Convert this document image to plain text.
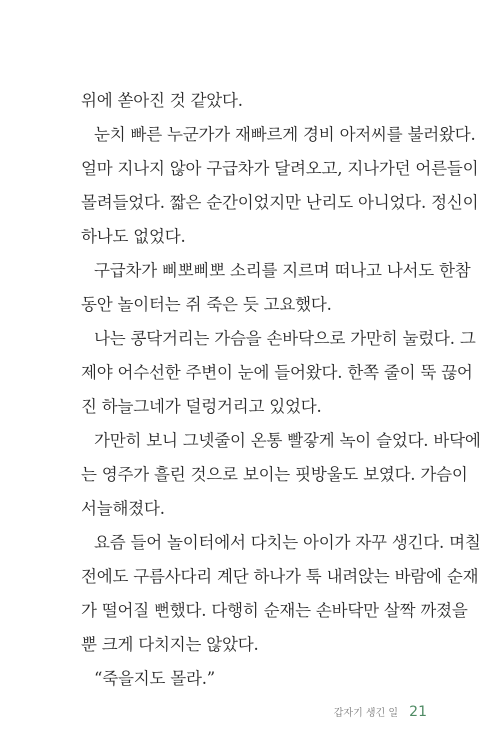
위에 쏟아진 것 같았다.
눈치 빠른 누군가가 재빠르게 경비 아저씨를 불러왔다.
얼마 지나지 않아 구급차가 달려오고, 지나가던 어른들이
몰려들었다. 짧은 순간이었지만 난리도 아니었다. 정신이
하나도 없었다.
구급차가 삐뽀삐뽀 소리를 지르며 떠나고 나서도 한참
동안 놀이터는 쥐 죽은 듯 고요했다.
나는 콩닥거리는 가슴을 손바닥으로 가만히 눌렀다. 그
제야 어수선한 주변이 눈에 들어왔다. 한쪽 줄이 뚝 끊어
진 하늘그네가 덜렁거리고 있었다.
가만히 보니 그넷줄이 온통 빨갛게 녹이 슬었다. 바닥에
는 영주가 흘린 것으로 보이는 핏방울도 보였다. 가슴이
서늘해졌다.
요즘 들어 놀이터에서 다치는 아이가 자꾸 생긴다. 며칠
전에도 구름사다리 계단 하나가 툭 내려앉는 바람에 순재
가 떨어질 뻔했다. 다행히 순재는 손바닥만 살짝 까졌을
뿐 크게 다치지는 않았다.
“죽을지도 몰라.”
갑자기 생긴 일 21
